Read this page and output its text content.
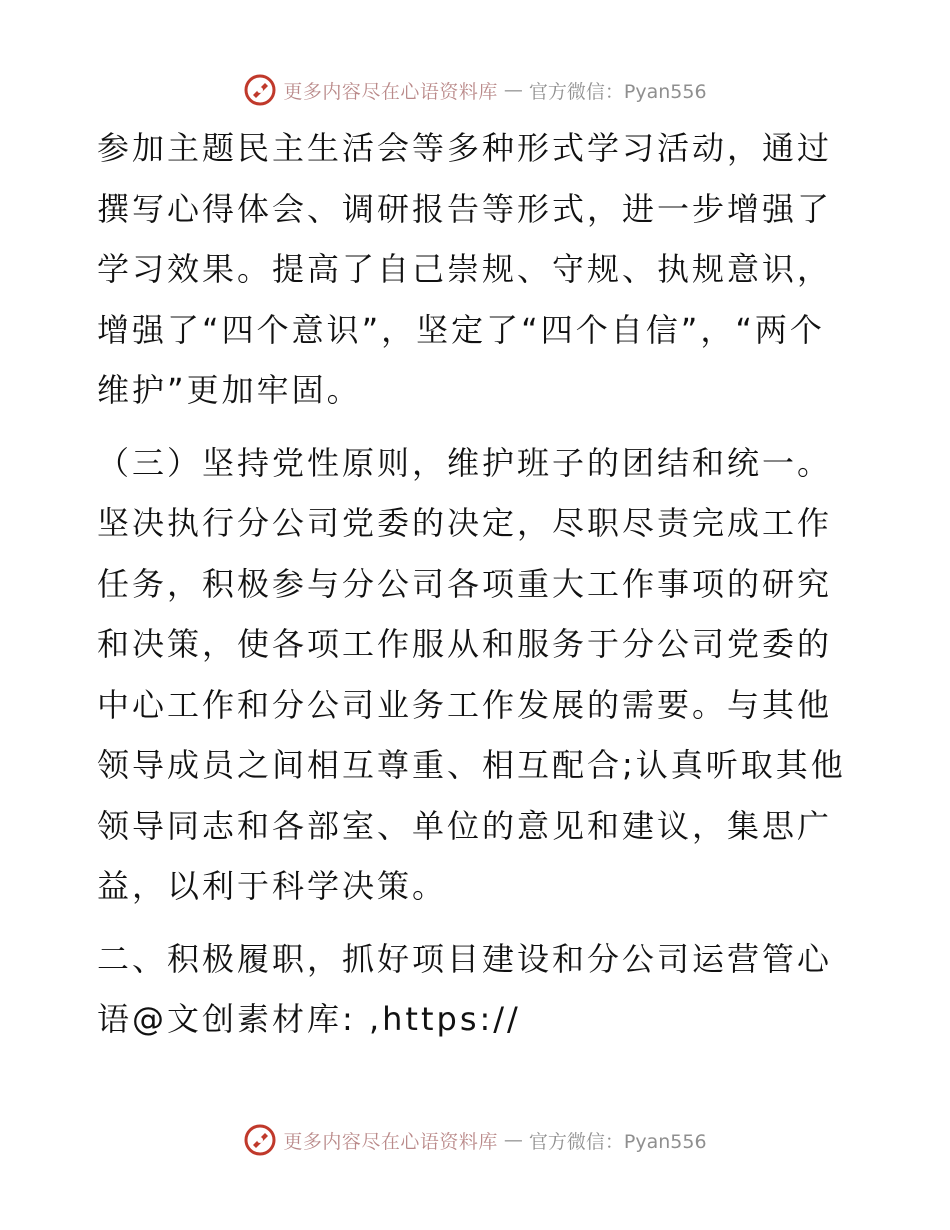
更多内容尽在心语资料库 — 官方微信：Pyan556

参加主题民主生活会等多种形式学习活动，通过撰写心得体会、调研报告等形式，进一步增强了学习效果。提高了自己崇规、守规、执规意识，增强了“四个意识”，坚定了“四个自信”，“两个维护”更加牢固。

（三）坚持党性原则，维护班子的团结和统一。

坚决执行分公司党委的决定，尽职尽责完成工作任务，积极参与分公司各项重大工作事项的研究和决策，使各项工作服从和服务于分公司党委的中心工作和分公司业务工作发展的需要。与其他领导成员之间相互尊重、相互配合;认真听取其他领导同志和各部室、单位的意见和建议，集思广益，以利于科学决策。

二、积极履职，抓好项目建设和分公司运营管心语@文创素材库: ,https://

更多内容尽在心语资料库 — 官方微信：Pyan556
